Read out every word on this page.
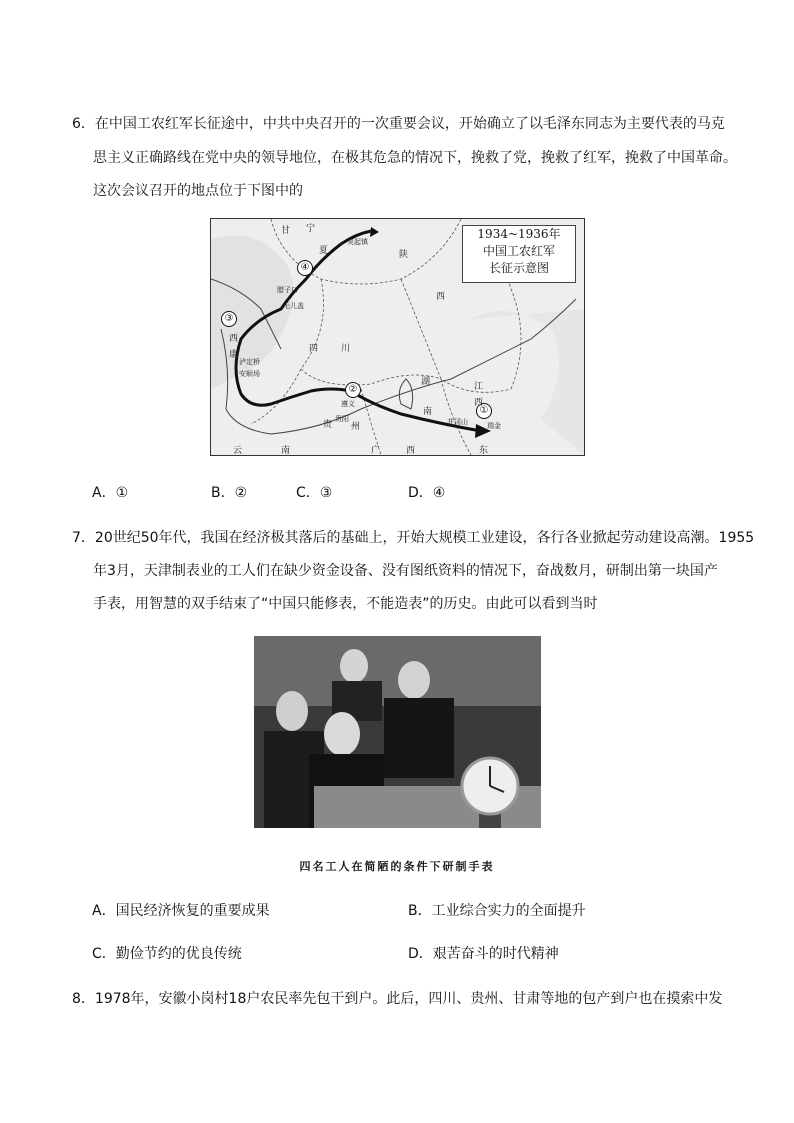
6．在中国工农红军长征途中，中共中央召开的一次重要会议，开始确立了以毛泽东同志为主要代表的马克
思主义正确路线在党中央的领导地位，在极其危急的情况下，挽救了党，挽救了红军，挽救了中国革命。
这次会议召开的地点位于下图中的
1934~1936年
中国工农红军
长征示意图
①
②
③
④
甘 宁
夏	陕
西
四	川
西
康
湖
南
江
西
贵 州
云	南	广	西	东
吴起镇
腊子口
毛儿盖
泸定桥
安顺场
遵义
贵阳	井冈山	瑞金
A．①	B．②	C．③	D．④
7．20世纪50年代，我国在经济极其落后的基础上，开始大规模工业建设，各行各业掀起劳动建设高潮。1955
年3月，天津制表业的工人们在缺少资金设备、没有图纸资料的情况下，奋战数月，研制出第一块国产
手表，用智慧的双手结束了“中国只能修表，不能造表”的历史。由此可以看到当时
四名工人在简陋的条件下研制手表
A．国民经济恢复的重要成果	B．工业综合实力的全面提升
C．勤俭节约的优良传统	D．艰苦奋斗的时代精神
8．1978年，安徽小岗村18户农民率先包干到户。此后，四川、贵州、甘肃等地的包产到户也在摸索中发
